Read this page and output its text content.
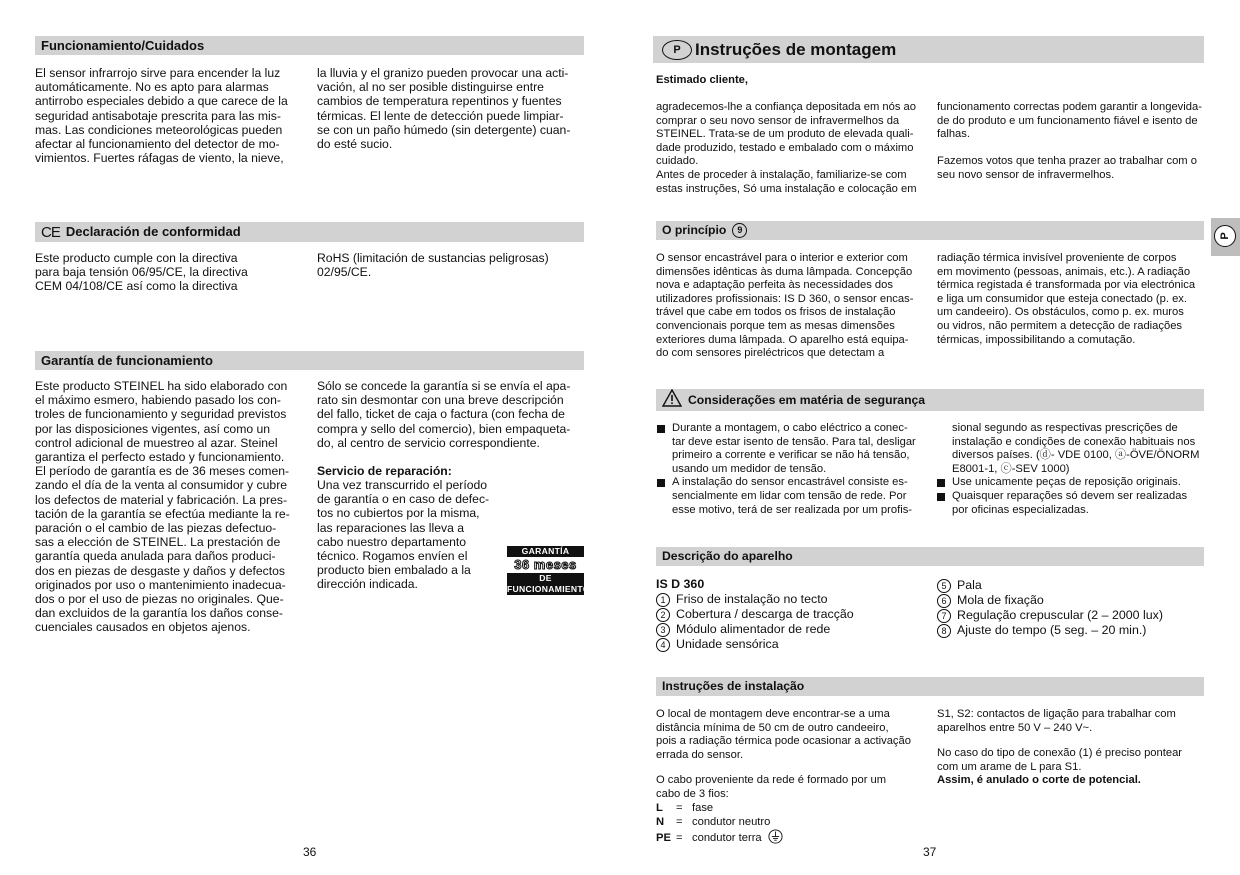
Funcionamiento/Cuidados
El sensor infrarrojo sirve para encender la luz
automáticamente. No es apto para alarmas
antirrobo especiales debido a que carece de la
seguridad antisabotaje prescrita para las mis-
mas. Las condiciones meteorológicas pueden
afectar al funcionamiento del detector de mo-
vimientos. Fuertes ráfagas de viento, la nieve,
la lluvia y el granizo pueden provocar una acti-
vación, al no ser posible distinguirse entre
cambios de temperatura repentinos y fuentes
térmicas. El lente de detección puede limpiar-
se con un paño húmedo (sin detergente) cuan-
do esté sucio.
CE Declaración de conformidad
Este producto cumple con la directiva
para baja tensión 06/95/CE, la directiva
CEM 04/108/CE así como la directiva
RoHS (limitación de sustancias peligrosas)
02/95/CE.
Garantía de funcionamiento
Este producto STEINEL ha sido elaborado con
el máximo esmero, habiendo pasado los con-
troles de funcionamiento y seguridad previstos
por las disposiciones vigentes, así como un
control adicional de muestreo al azar. Steinel
garantiza el perfecto estado y funcionamiento.
El período de garantía es de 36 meses comen-
zando el día de la venta al consumidor y cubre
los defectos de material y fabricación. La pres-
tación de la garantía se efectúa mediante la re-
paración o el cambio de las piezas defectuo-
sas a elección de STEINEL. La prestación de
garantía queda anulada para daños produci-
dos en piezas de desgaste y daños y defectos
originados por uso o mantenimiento inadecua-
dos o por el uso de piezas no originales. Que-
dan excluidos de la garantía los daños conse-
cuenciales causados en objetos ajenos.
Sólo se concede la garantía si se envía el apa-
rato sin desmontar con una breve descripción
del fallo, ticket de caja o factura (con fecha de
compra y sello del comercio), bien empaqueta-
do, al centro de servicio correspondiente.
Servicio de reparación:
Una vez transcurrido el período
de garantía o en caso de defec-
tos no cubiertos por la misma,
las reparaciones las lleva a
cabo nuestro departamento
técnico. Rogamos envíen el
producto bien embalado a la
dirección indicada.
GARANTÍA
36 meses
DE FUNCIONAMIENTO
36
P Instruções de montagem
P
Estimado cliente,
agradecemos-lhe a confiança depositada em nós ao
comprar o seu novo sensor de infravermelhos da
STEINEL. Trata-se de um produto de elevada quali-
dade produzido, testado e embalado com o máximo
cuidado.
Antes de proceder à instalação, familiarize-se com
estas instruções, Só uma instalação e colocação em
funcionamento correctas podem garantir a longevida-
de do produto e um funcionamento fiável e isento de
falhas.

Fazemos votos que tenha prazer ao trabalhar com o
seu novo sensor de infravermelhos.
O princípio 9
O sensor encastrável para o interior e exterior com
dimensões idênticas às duma lâmpada. Concepção
nova e adaptação perfeita às necessidades dos
utilizadores profissionais: IS D 360, o sensor encas-
trável que cabe em todos os frisos de instalação
convencionais porque tem as mesas dimensões
exteriores duma lâmpada. O aparelho está equipa-
do com sensores pireléctricos que detectam a
radiação térmica invisível proveniente de corpos
em movimento (pessoas, animais, etc.). A radiação
térmica registada é transformada por via electrónica
e liga um consumidor que esteja conectado (p. ex.
um candeeiro). Os obstáculos, como p. ex. muros
ou vidros, não permitem a detecção de radiações
térmicas, impossibilitando a comutação.
Considerações em matéria de segurança
Durante a montagem, o cabo eléctrico a conec-
tar deve estar isento de tensão. Para tal, desligar
primeiro a corrente e verificar se não há tensão,
usando um medidor de tensão.
A instalação do sensor encastrável consiste es-
sencialmente em lidar com tensão de rede. Por
esse motivo, terá de ser realizada por um profis-
sional segundo as respectivas prescrições de
instalação e condições de conexão habituais nos
diversos países. (ⓓ- VDE 0100, ⓐ-ÖVE/ÖNORM
E8001-1, ⓒ-SEV 1000)
Use unicamente peças de reposição originais.
Quaisquer reparações só devem ser realizadas
por oficinas especializadas.
Descrição do aparelho
IS D 360
1 Friso de instalação no tecto
2 Cobertura / descarga de tracção
3 Módulo alimentador de rede
4 Unidade sensórica
5 Pala
6 Mola de fixação
7 Regulação crepuscular (2 – 2000 lux)
8 Ajuste do tempo (5 seg. – 20 min.)
Instruções de instalação
O local de montagem deve encontrar-se a uma
distância mínima de 50 cm de outro candeeiro,
pois a radiação térmica pode ocasionar a activação
errada do sensor.
O cabo proveniente da rede é formado por um
cabo de 3 fios:
L = fase
N = condutor neutro
PE = condutor terra
S1, S2: contactos de ligação para trabalhar com
aparelhos entre 50 V – 240 V~.
No caso do tipo de conexão (1) é preciso pontear
com um arame de L para S1.
Assim, é anulado o corte de potencial.
37
